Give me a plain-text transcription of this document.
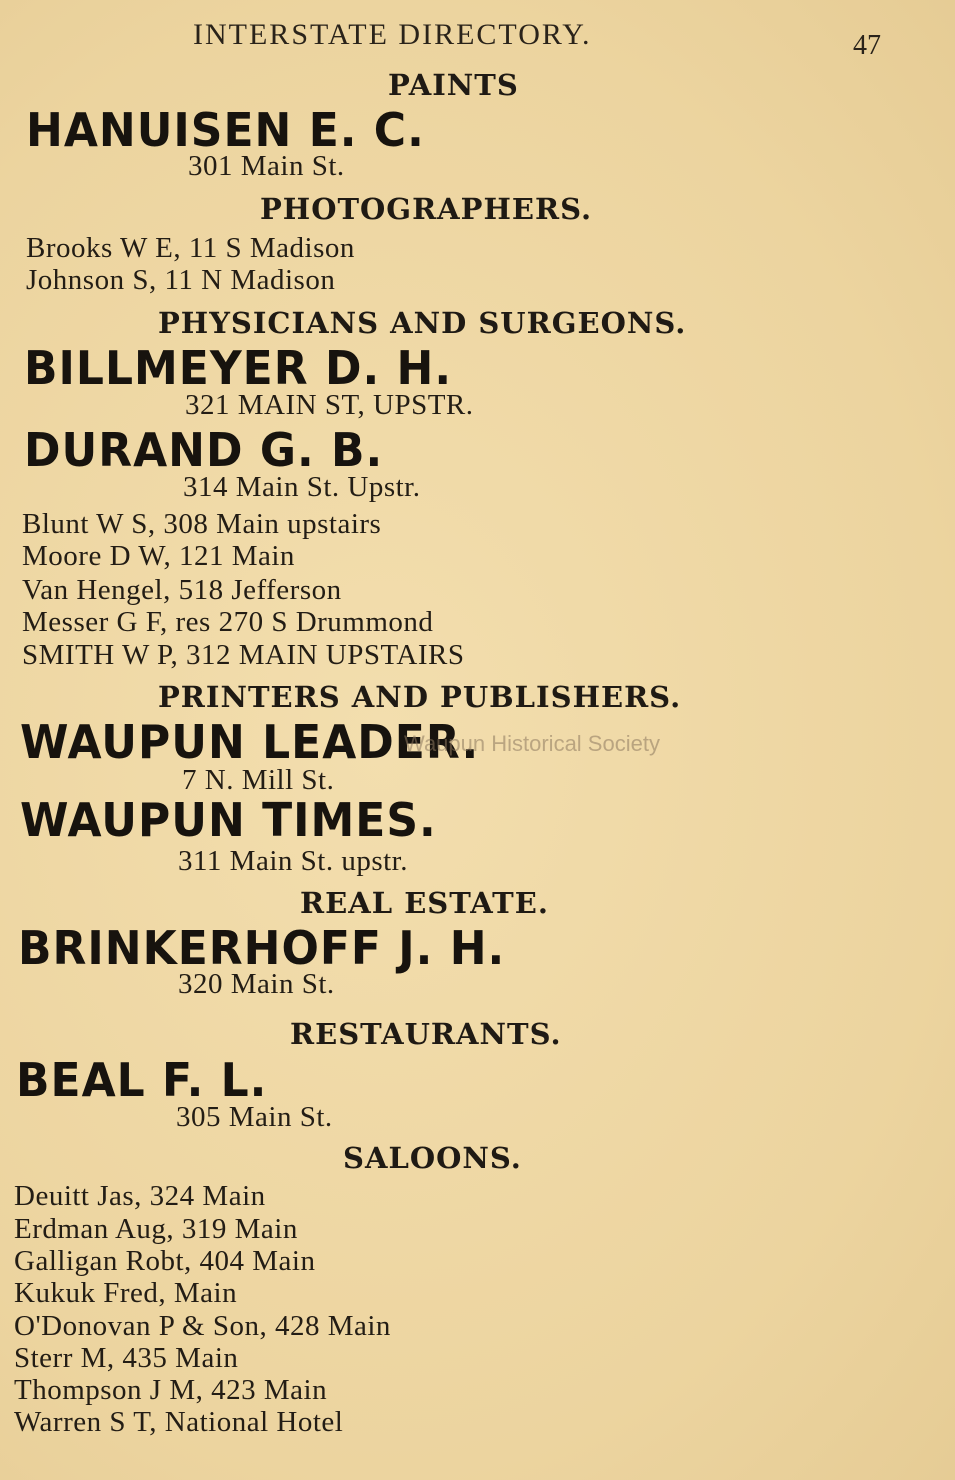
INTERSTATE DIRECTORY.	47
PAINTS
HANUISEN E. C.
301 Main St.
PHOTOGRAPHERS.
Brooks W E, 11 S Madison
Johnson S, 11 N Madison
PHYSICIANS AND SURGEONS.
BILLMEYER D. H.
321 MAIN ST, UPSTR.
DURAND G. B.
314 Main St. Upstr.
Blunt W S, 308 Main upstairs
Moore D W, 121 Main
Van Hengel, 518 Jefferson
Messer G F, res 270 S Drummond
SMITH W P, 312 MAIN UPSTAIRS
PRINTERS AND PUBLISHERS.
WAUPUN LEADER.
Waupun Historical Society
7 N. Mill St.
WAUPUN TIMES.
311 Main St. upstr.
REAL ESTATE.
BRINKERHOFF J. H.
320 Main St.
RESTAURANTS.
BEAL F. L.
305 Main St.
SALOONS.
Deuitt Jas, 324 Main
Erdman Aug, 319 Main
Galligan Robt, 404 Main
Kukuk Fred, Main
O'Donovan P & Son, 428 Main
Sterr M, 435 Main
Thompson J M, 423 Main
Warren S T, National Hotel
